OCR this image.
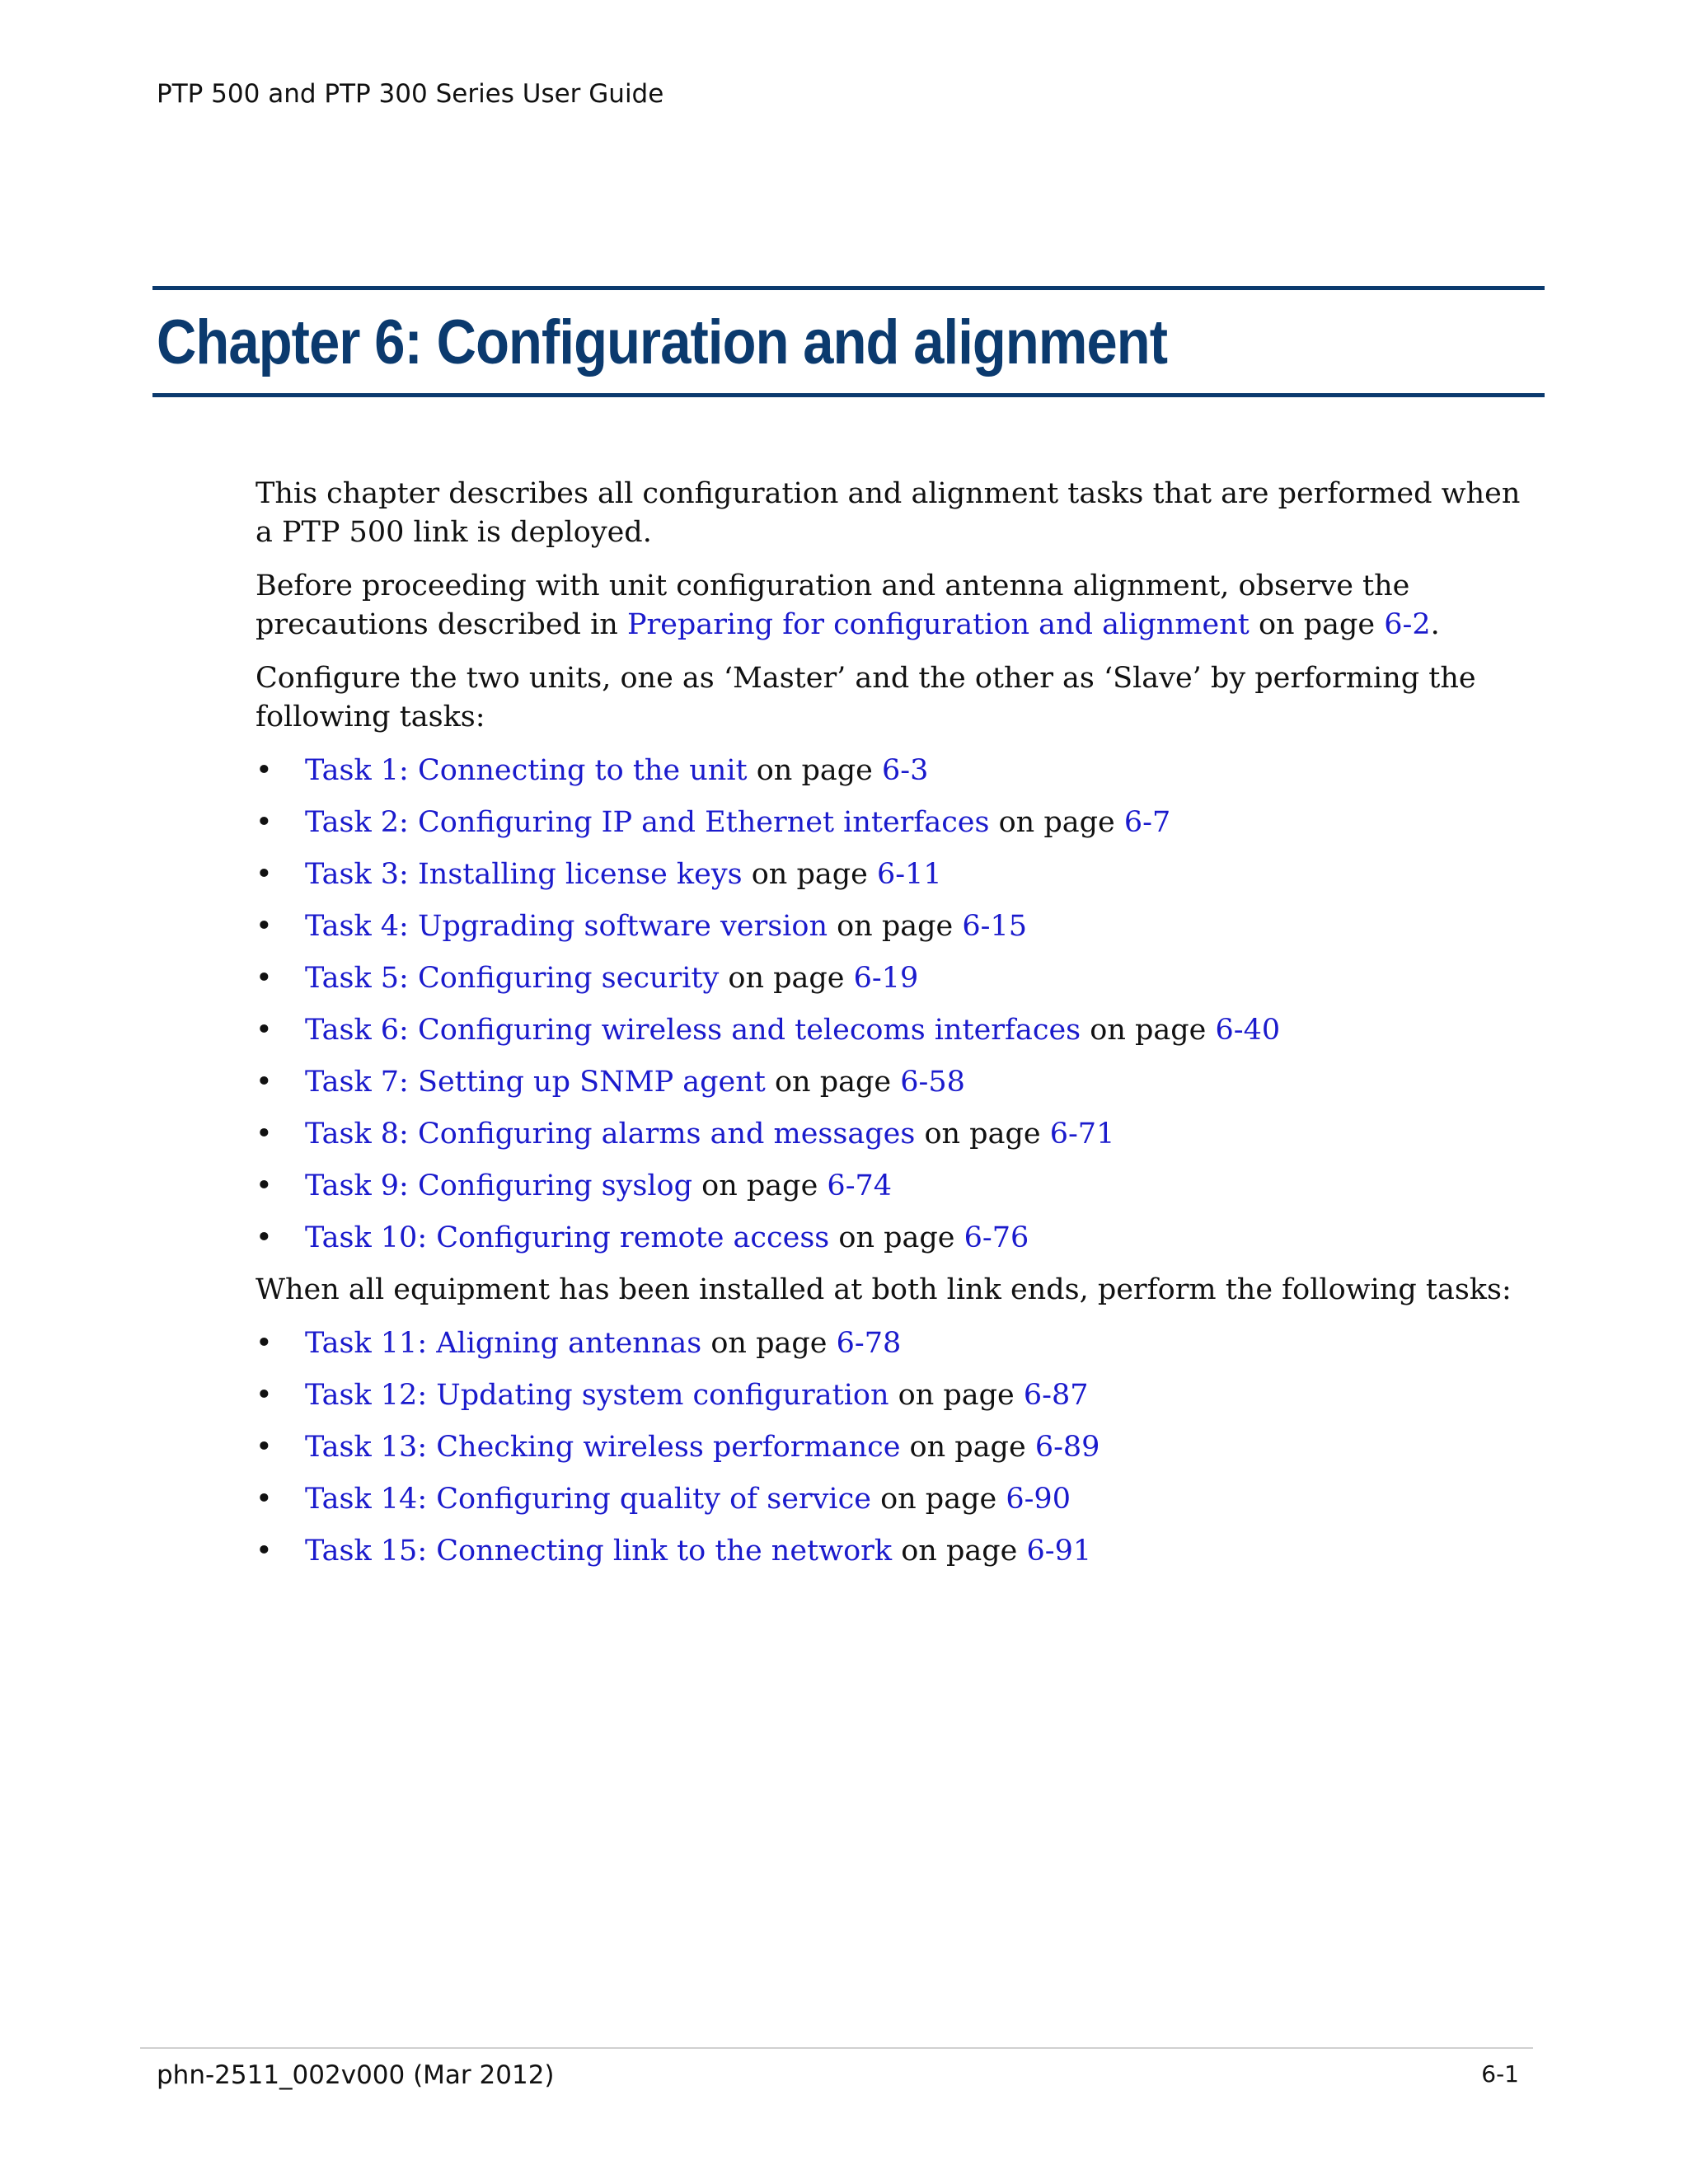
PTP 500 and PTP 300 Series User Guide
Chapter 6: Configuration and alignment

This chapter describes all configuration and alignment tasks that are performed when a PTP 500 link is deployed.

Before proceeding with unit configuration and antenna alignment, observe the precautions described in Preparing for configuration and alignment on page 6-2.

Configure the two units, one as ‘Master’ and the other as ‘Slave’ by performing the following tasks:

• Task 1: Connecting to the unit on page 6-3
• Task 2: Configuring IP and Ethernet interfaces on page 6-7
• Task 3: Installing license keys on page 6-11
• Task 4: Upgrading software version on page 6-15
• Task 5: Configuring security on page 6-19
• Task 6: Configuring wireless and telecoms interfaces on page 6-40
• Task 7: Setting up SNMP agent on page 6-58
• Task 8: Configuring alarms and messages on page 6-71
• Task 9: Configuring syslog on page 6-74
• Task 10: Configuring remote access on page 6-76

When all equipment has been installed at both link ends, perform the following tasks:

• Task 11: Aligning antennas on page 6-78
• Task 12: Updating system configuration on page 6-87
• Task 13: Checking wireless performance on page 6-89
• Task 14: Configuring quality of service on page 6-90
• Task 15: Connecting link to the network on page 6-91
phn-2511_002v000 (Mar 2012)	6-1
